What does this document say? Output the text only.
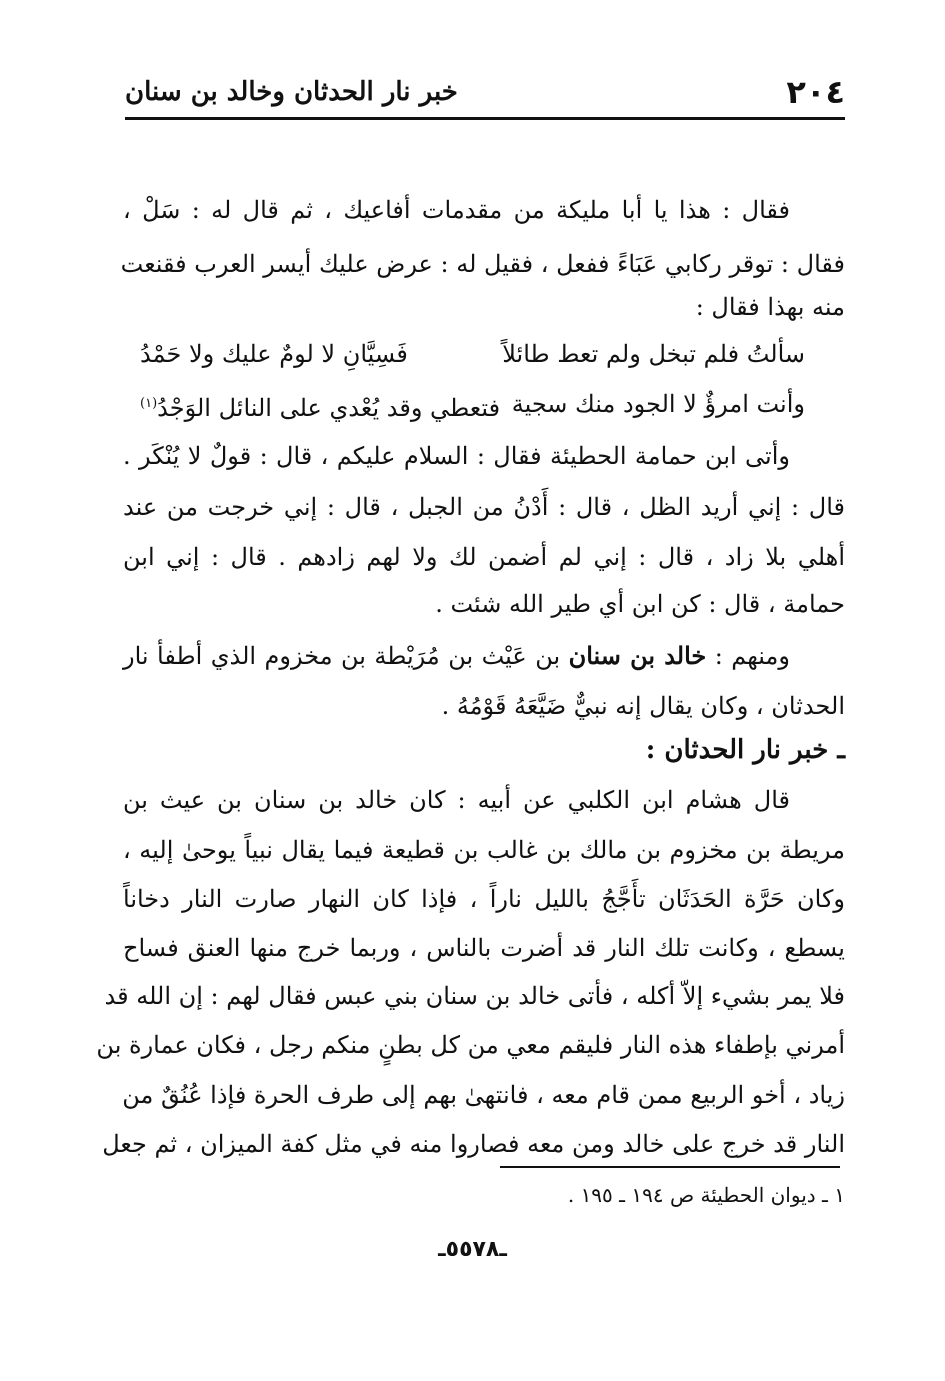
٢٠٤
خبر نار الحدثان وخالد بن سنان
فقال : هذا يا أبا مليكة من مقدمات أفاعيك ، ثم قال له : سَلْ ،
فقال : توقر ركابي عَبَاءً ففعل ، فقيل له : عرض عليك أيسر العرب فقنعت
منه بهذا فقال :
سألتُ فلم تبخل ولم تعط طائلاً
فَسِيَّانِ لا لومٌ عليك ولا حَمْدُ
وأنت امرؤٌ لا الجود منك سجية
فتعطي وقد يُعْدي على النائل الوَجْدُ$^{(١)}$
وأتى ابن حمامة الحطيئة فقال : السلام عليكم ، قال : قولٌ لا يُنْكَر .
قال : إني أريد الظل ، قال : أَدْنُ من الجبل ، قال : إني خرجت من عند
أهلي بلا زاد ، قال : إني لم أضمن لك ولا لهم زادهم . قال : إني ابن
حمامة ، قال : كن ابن أي طير الله شئت .
ومنهم : خالد بن سنان بن عَيْث بن مُرَيْطة بن مخزوم الذي أطفأ نار
الحدثان ، وكان يقال إنه نبيٌّ ضَيَّعَهُ قَوْمُهُ .
ـ خبر نار الحدثان :
قال هشام ابن الكلبي عن أبيه : كان خالد بن سنان بن عيث بن
مريطة بن مخزوم بن مالك بن غالب بن قطيعة فيما يقال نبياً يوحىٰ إليه ،
وكان حَرَّة الحَدَثَان تأَجَّجُ بالليل ناراً ، فإذا كان النهار صارت النار دخاناً
يسطع ، وكانت تلك النار قد أضرت بالناس ، وربما خرج منها العنق فساح
فلا يمر بشيء إلاّ أكله ، فأتى خالد بن سنان بني عبس فقال لهم : إن الله قد
أمرني بإطفاء هذه النار فليقم معي من كل بطنٍ منكم رجل ، فكان عمارة بن
زياد ، أخو الربيع ممن قام معه ، فانتهىٰ بهم إلى طرف الحرة فإذا عُنُقٌ من
النار قد خرج على خالد ومن معه فصاروا منه في مثل كفة الميزان ، ثم جعل
١ ـ ديوان الحطيئة ص ١٩٤ ـ ١٩٥ .
ـ٥٥٧٨ـ
